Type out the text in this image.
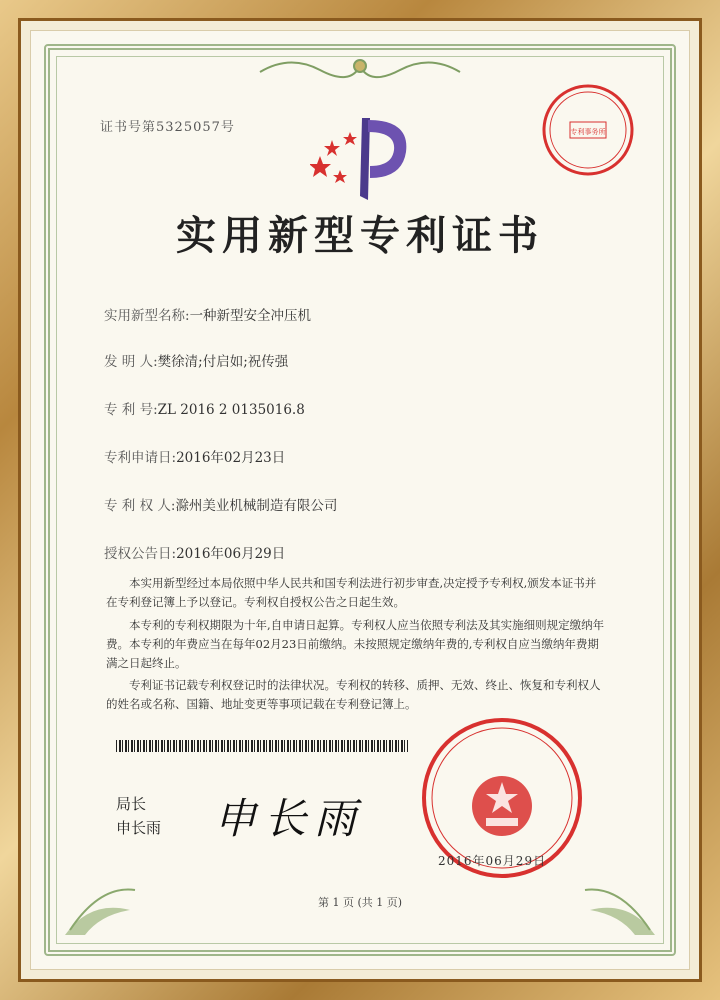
专利事务所
证书号第5325057号
实用新型专利证书
实用新型名称:一种新型安全冲压机
发 明 人:樊徐清;付启如;祝传强
专 利 号:ZL 2016 2 0135016.8
专利申请日:2016年02月23日
专 利 权 人:滁州美业机械制造有限公司
授权公告日:2016年06月29日
本实用新型经过本局依照中华人民共和国专利法进行初步审查,决定授予专利权,颁发本证书并在专利登记簿上予以登记。专利权自授权公告之日起生效。
本专利的专利权期限为十年,自申请日起算。专利权人应当依照专利法及其实施细则规定缴纳年费。本专利的年费应当在每年02月23日前缴纳。未按照规定缴纳年费的,专利权自应当缴纳年费期满之日起终止。
专利证书记载专利权登记时的法律状况。专利权的转移、质押、无效、终止、恢复和专利权人的姓名或名称、国籍、地址变更等事项记载在专利登记簿上。
局长
申长雨 申长雨
2016年06月29日
第 1 页 (共 1 页)
